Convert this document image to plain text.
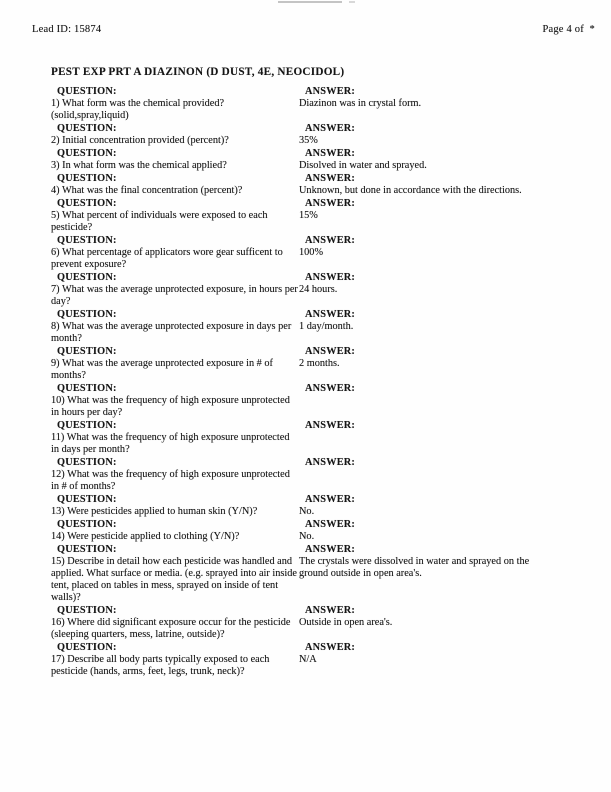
Lead ID: 15874	Page 4 of  *
PEST EXP PRT A DIAZINON (D DUST, 4E, NEOCIDOL)
QUESTION:
1) What form was the chemical provided?(solid,spray,liquid)
ANSWER:
Diazinon was in crystal form.
QUESTION:
2) Initial concentration provided (percent)?
ANSWER:
35%
QUESTION:
3) In what form was the chemical applied?
ANSWER:
Disolved in water and sprayed.
QUESTION:
4) What was the final concentration (percent)?
ANSWER:
Unknown, but done in accordance with the directions.
QUESTION:
5) What percent of individuals were exposed to each pesticide?
ANSWER:
15%
QUESTION:
6) What percentage of applicators wore gear sufficent to prevent exposure?
ANSWER:
100%
QUESTION:
7) What was the average unprotected exposure, in hours per day?
ANSWER:
24 hours.
QUESTION:
8) What was the average unprotected exposure in days per month?
ANSWER:
1 day/month.
QUESTION:
9) What was the average unprotected exposure in # of months?
ANSWER:
2 months.
QUESTION:
10) What was the frequency of high exposure unprotected in hours per day?
ANSWER:
QUESTION:
11) What was the frequency of high exposure unprotected in days per month?
ANSWER:
QUESTION:
12) What was the frequency of high exposure unprotected in # of months?
ANSWER:
QUESTION:
13) Were pesticides applied to human skin (Y/N)?
ANSWER:
No.
QUESTION:
14) Were pesticide applied to clothing (Y/N)?
ANSWER:
No.
QUESTION:
15) Describe in detail how each pesticide was handled and applied. What surface or media. (e.g. sprayed into air inside tent, placed on tables in mess, sprayed on inside of tent walls)?
ANSWER:
The crystals were dissolved in water and sprayed on the ground outside in open area's.
QUESTION:
16) Where did significant exposure occur for the pesticide (sleeping quarters, mess, latrine, outside)?
ANSWER:
Outside in open area's.
QUESTION:
17) Describe all body parts typically exposed to each pesticide (hands, arms, feet, legs, trunk, neck)?
ANSWER:
N/A
